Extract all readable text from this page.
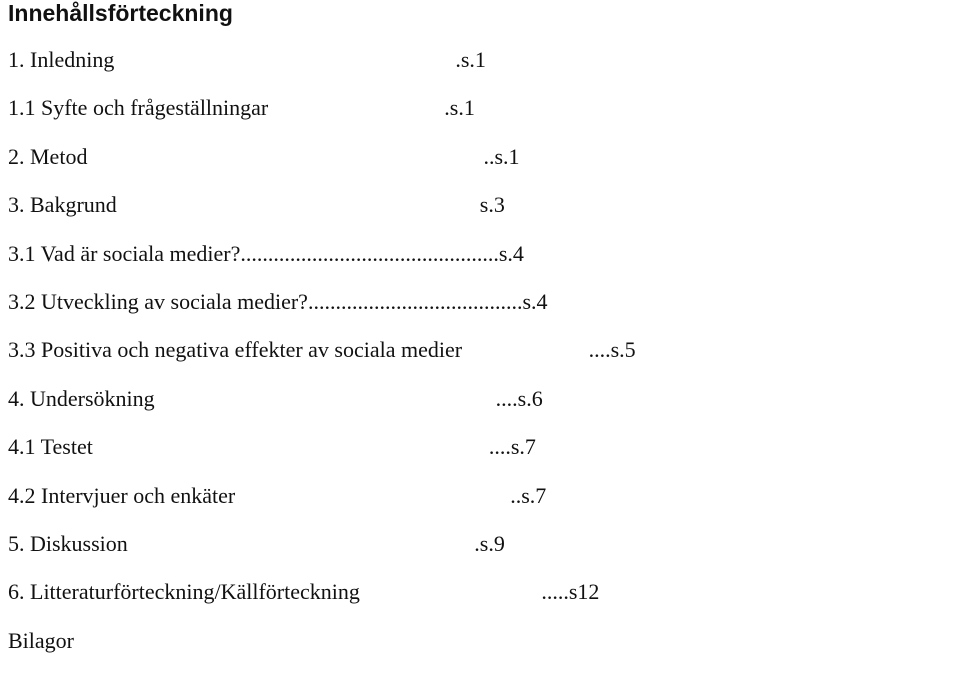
Innehållsförteckning
1. Inledning                                                              .s.1
1.1 Syfte och frågeställningar                                .s.1
2. Metod                                                                        ..s.1
3. Bakgrund                                                                  s.3
3.1 Vad är sociala medier?...............................................s.4
3.2 Utveckling av sociala medier?.......................................s.4
3.3 Positiva och negativa effekter av sociala medier                       ....s.5
4. Undersökning                                                              ....s.6
4.1 Testet                                                                        ....s.7
4.2 Intervjuer och enkäter                                                  ..s.7
5. Diskussion                                                               .s.9
6. Litteraturförteckning/Källförteckning                                 .....s12
Bilagor
